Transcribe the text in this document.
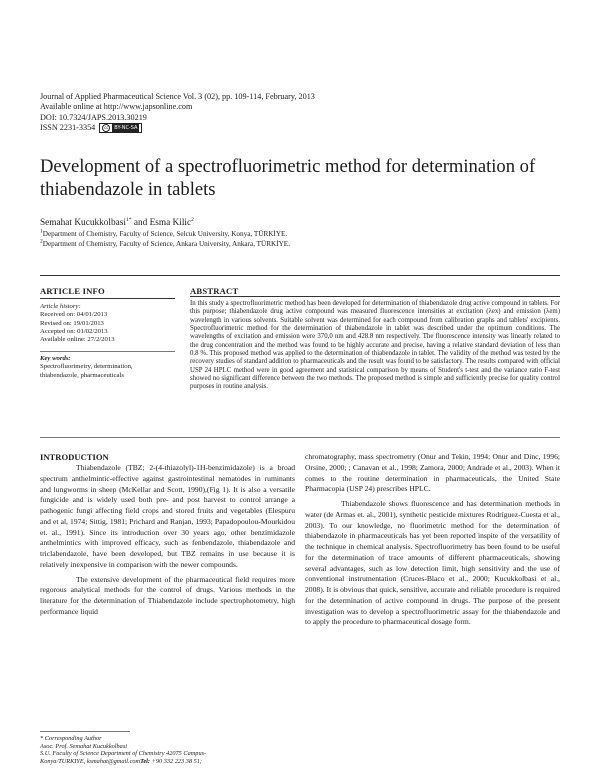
Journal of Applied Pharmaceutical Science Vol. 3 (02), pp. 109-114, February, 2013
Available online at http://www.japsonline.com
DOI: 10.7324/JAPS.2013.30219
ISSN 2231-3354	cc	BY-NC-SA
Development of a spectrofluorimetric method for determination of thiabendazole in tablets
Semahat Kucukkolbasi$^{1*}$ and Esma Kilic$^2$
$^1$Department of Chemistry, Faculty of Science, Selcuk University, Konya, TÜRKİYE.
$^2$Department of Chemistry, Faculty of Science, Ankara University, Ankara, TÜRKİYE.
ARTICLE INFO
Article history:
Received on: 04/01/2013
Revised on: 19/01/2013
Accepted on: 01/02/2013
Available online: 27/2/2013
Key words:
Spectrofluorimetry, determination, thiabendazole, pharmaceuticals
ABSTRACT
In this study a spectrofluorimetric method has been developed for determination of thiabendazole drug active compound in tablets. For this purpose; thiabendazole drug active compound was measured fluorescence intensities at excitation (λex) and emission (λem) wavelength in various solvents. Suitable solvent was determined for each compound from calibration graphs and tablets' excipients. Spectrofluorimetric method for the determination of thiabendazole in tablet was described under the optimum conditions. The wavelengths of excitation and emission were 370,0 nm and 428.8 nm respectively. The fluorescence intensity was linearly related to the drug concentration and the method was found to be highly accurate and precise, having a relative standard deviation of less than 0.8 %. This proposed method was applied to the determination of thiabendazole in tablet. The validity of the method was tested by the recovery studies of standard addition to pharmaceuticals and the result was found to be satisfactory. The results compared with official USP 24 HPLC method were in good agreement and statistical comparison by means of Student's t-test and the variance ratio F-test showed no significant difference between the two methods. The proposed method is simple and sufficiently precise for quality control purposes in routine analysis.
INTRODUCTION

Thiabendazole (TBZ; 2-(4-thiazolyl)-1H-benzimidazole) is a broad spectrum anthelmintic-effective against gastrointestinal nematodes in ruminants and lungworms in sheep (McKellar and Scott, 1990),(Fig 1). It is also a versatile fungicide and is widely used both pre- and post harvest to control arrange a pathogenic fungi affecting field crops and stored fruits and vegetables (Elespuru and et al, 1974; Sittig, 1981; Prichard and Ranjan, 1993; Papadopoulou-Mourkidou et. al., 1991). Since its introduction over 30 years ago, other benzimidazole anthelmintics with improved efficacy, such as fenbendazole, thiabendazole and triclabendazole, have been developed, but TBZ remains in use because it is relatively inexpensive in comparison with the newer compounds.

The extensive development of the pharmaceutical field requires more regorous analytical methods for the control of drugs. Various methods in the literature for the determination of Thiabendazole include spectrophotometry, high performance liquid

chromatography, mass spectrometry (Onur and Tekin, 1994; Onur and Dinc, 1996; Orsine, 2000; ; Canavan et al., 1998; Zamora, 2000; Andrade et al., 2003). When it comes to the routine determination in pharmaceuticals, the United State Pharmacopia (USP 24) prescribes HPLC.

Thiabendazole shows fluorescence and has determination methods in water (de Armas et. al., 2001), synthetic pesticide mixtures Rodríguez-Cuesta et al., 2003). To our knowledge, no fluorimetric method for the determination of thiabendazole in pharmaceuticals has yet been reported inspite of the versatility of the technique in chemical analysis. Spectrofluorimetry has been found to be useful for the determination of trace amounts of different pharmaceuticals, showing several advantages, such as low detection limit, high sensitivity and the use of conventional instrumentation (Cruces-Blaco et al., 2000; Kucukkolbasi et al., 2008). It is obvious that quick, sensitive, accurate and reliable procedure is required for the determination of active compound in drugs. The purpose of the present investigation was to develop a spectrofluorimetric assay for the thiabendazole and to apply the procedure to pharmaceutical dosage form.

* Corresponding Author
Asoc. Prof. Semahat Kucukkolbasi
S.U. Faculty of Science Department of Chemistry 42075 Campus-
Konya/TURKIYE, ksmahat@gmail.comTel: +90 332 223 38 51;
